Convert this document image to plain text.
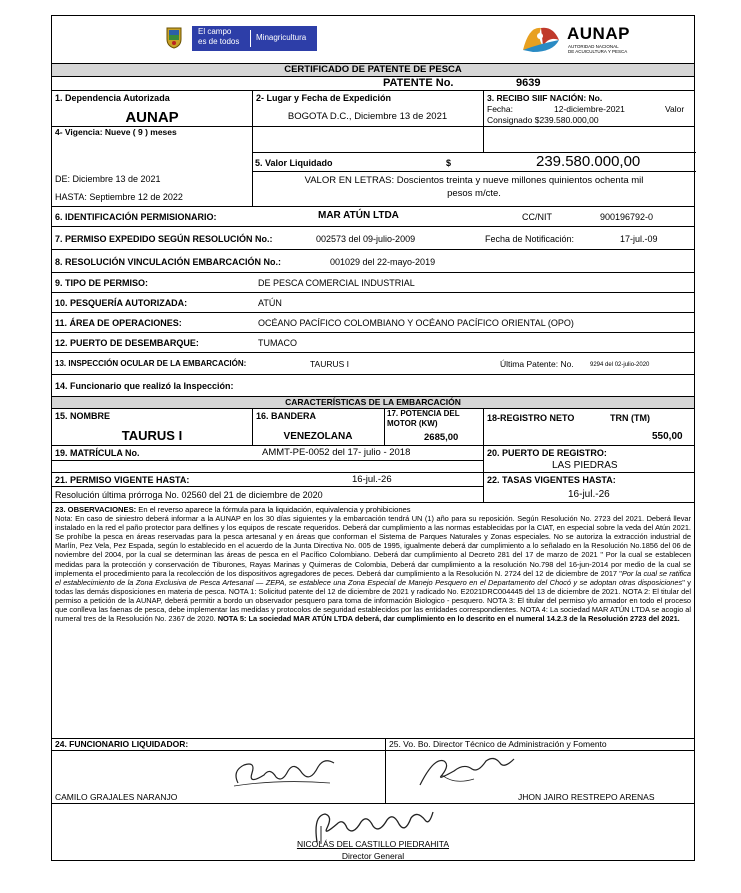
El campo
es de todos Minagricultura	AUNAP
AUTORIDAD NACIONAL
DE ACUICULTURA Y PESCA
CERTIFICADO DE PATENTE DE PESCA
PATENTE No.	9639
1. Dependencia Autorizada
AUNAP
2- Lugar y Fecha de Expedición
BOGOTA D.C., Diciembre 13 de 2021
3. RECIBO SIIF NACIÓN: No.
Fecha:	12-diciembre-2021	Valor
Consignado $239.580.000,00
4- Vigencia: Nueve ( 9 ) meses
5. Valor Liquidado	$	239.580.000,00
VALOR EN LETRAS: Doscientos treinta y nueve millones quinientos ochenta mil
pesos m/cte.
DE: Diciembre 13 de 2021
HASTA: Septiembre 12 de 2022
6. IDENTIFICACIÓN PERMISIONARIO:	MAR ATÚN LTDA	CC/NIT	900196792-0
7. PERMISO EXPEDIDO SEGÚN RESOLUCIÓN No.:	002573 del 09-julio-2009	Fecha de Notificación:	17-jul.-09
8. RESOLUCIÓN VINCULACIÓN EMBARCACIÓN No.:	001029 del 22-mayo-2019
9. TIPO DE PERMISO:	DE PESCA COMERCIAL INDUSTRIAL
10. PESQUERÍA AUTORIZADA:	ATÚN
11. ÁREA DE OPERACIONES:	OCÉANO PACÍFICO COLOMBIANO Y OCÉANO PACÍFICO ORIENTAL (OPO)
12. PUERTO DE DESEMBARQUE:	TUMACO
13. INSPECCIÓN OCULAR DE LA EMBARCACIÓN:	TAURUS I	Última Patente: No.	9294 del 02-julio-2020
14. Funcionario que realizó la Inspección:
CARACTERÍSTICAS DE LA EMBARCACIÓN
15. NOMBRE
TAURUS I
16. BANDERA
VENEZOLANA
17. POTENCIA DEL
MOTOR (KW)
2685,00
18-REGISTRO NETO	TRN (TM)
550,00
19. MATRÍCULA No.	AMMT-PE-0052 del 17- julio - 2018	20. PUERTO DE REGISTRO:
LAS PIEDRAS
21. PERMISO VIGENTE HASTA:	16-jul.-26
Resolución última prórroga No. 02560 del 21 de diciembre de 2020
22. TASAS VIGENTES HASTA:
16-jul.-26
23. OBSERVACIONES: En el reverso aparece la fórmula para la liquidación, equivalencia y prohibiciones
Nota: En caso de siniestro deberá informar a la AUNAP en los 30 días siguientes y la embarcación tendrá UN (1) año para su reposición. Según Resolución No. 2723 del 2021. Deberá llevar instalado en la red el paño protector para delfines y los equipos de rescate requeridos. Deberá dar cumplimiento a las normas establecidas por la CIAT, en especial sobre la veda del Atún 2021. Se prohíbe la pesca en áreas reservadas para la pesca artesanal y en áreas que conforman el Sistema de Parques Naturales y Zonas especiales. No se autoriza la extracción industrial de Marlín, Pez Vela, Pez Espada, según lo establecido en el acuerdo de la Junta Directiva No. 005 de 1995, igualmente deberá dar cumplimiento a lo señalado en la Resolución No.1856 del 06 de noviembre del 2004, por la cual se determinan las áreas de pesca en el Pacífico Colombiano. Deberá dar cumplimiento al Decreto 281 del 17 de marzo de 2021 " Por la cual se establecen medidas para la protección y conservación de Tiburones, Rayas Marinas y Quimeras de Colombia, Deberá dar cumplimiento a la resolución No.798 del 16-jun-2014 por medio de la cual se implementa el procedimiento para la recolección de los dispositivos agregadores de peces. Deberá dar cumplimiento a la Resolución N. 2724 del 12 de diciembre de 2017 "Por la cual se ratifica el establecimiento de la Zona Exclusiva de Pesca Artesanal — ZEPA, se establece una Zona Especial de Manejo Pesquero en el Departamento del Chocó y se adoptan otras disposiciones" y todas las demás disposiciones en materia de pesca. NOTA 1: Solicitud patente del 12 de diciembre de 2021 y radicado No. E2021DRC004445 del 13 de diciembre de 2021. NOTA 2: El titular del permiso a petición de la AUNAP, deberá permitir a bordo un observador pesquero para toma de información Biologico - pesquero. NOTA 3: El titular del permiso y/o armador en todo el proceso que conlleva las faenas de pesca, debe implementar las medidas y protocolos de seguridad establecidos por las entidades correspondientes. NOTA 4: La sociedad MAR ATÚN LTDA se acogio al numeral tres de la Resolución No. 2367 de 2020. NOTA 5: La sociedad MAR ATÚN LTDA deberá, dar cumplimiento en lo descrito en el numeral 14.2.3 de la Resolución 2723 del 2021.
24. FUNCIONARIO LIQUIDADOR:	25. Vo. Bo. Director Técnico de Administración y Fomento
CAMILO GRAJALES NARANJO	JHON JAIRO RESTREPO ARENAS
NICOLÁS DEL CASTILLO PIEDRAHITA
Director General
